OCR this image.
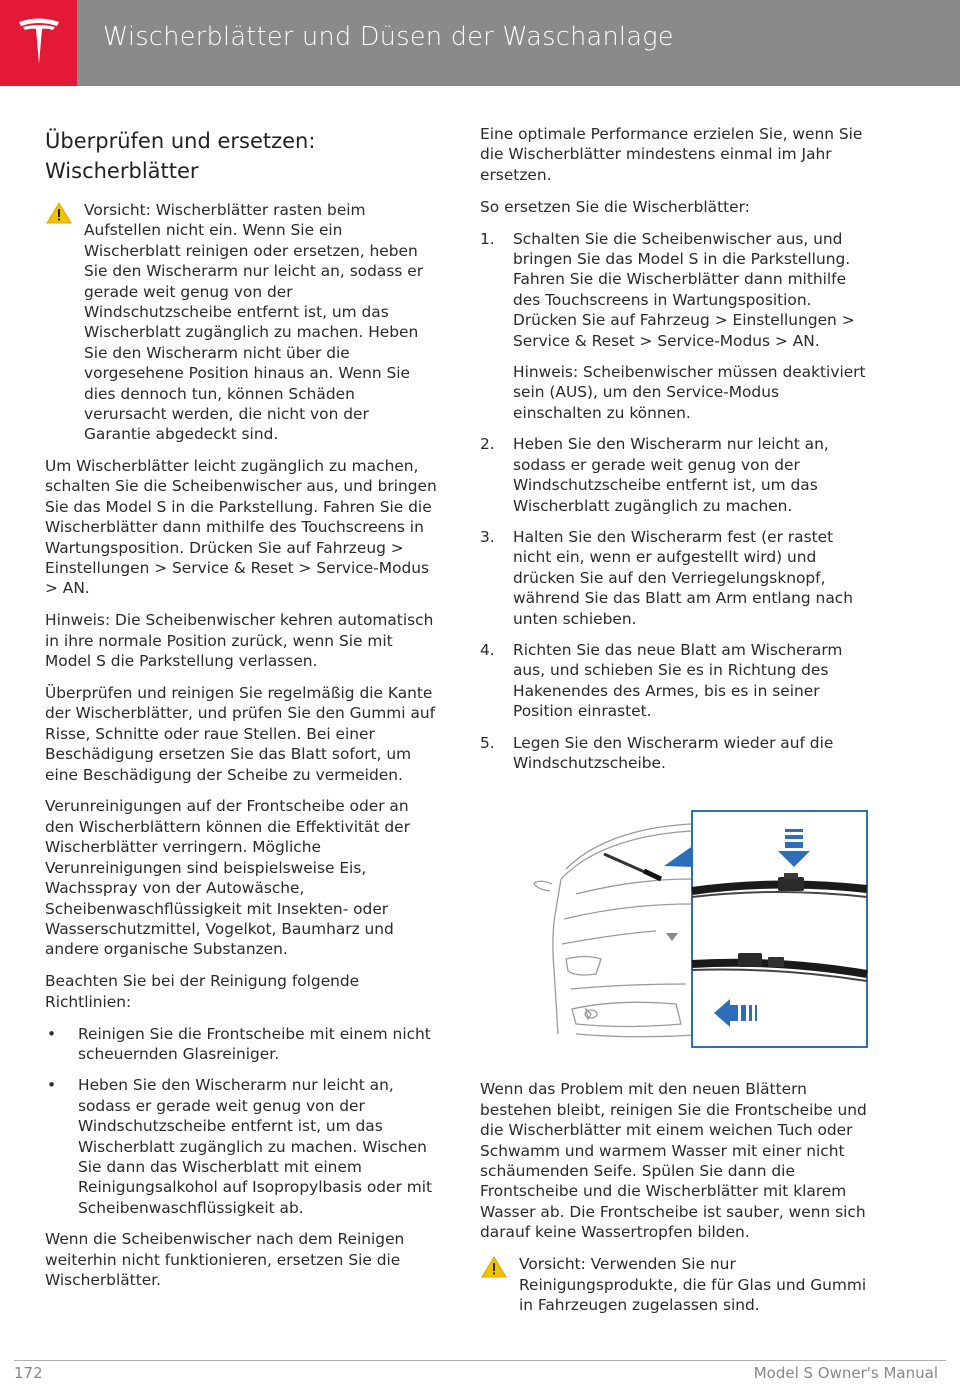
Wischerblätter und Düsen der Waschanlage
Überprüfen und ersetzen:
Wischerblätter
Vorsicht: Wischerblätter rasten beim Aufstellen nicht ein. Wenn Sie ein Wischerblatt reinigen oder ersetzen, heben Sie den Wischerarm nur leicht an, sodass er gerade weit genug von der Windschutzscheibe entfernt ist, um das Wischerblatt zugänglich zu machen. Heben Sie den Wischerarm nicht über die vorgesehene Position hinaus an. Wenn Sie dies dennoch tun, können Schäden verursacht werden, die nicht von der Garantie abgedeckt sind.

Um Wischerblätter leicht zugänglich zu machen, schalten Sie die Scheibenwischer aus, und bringen Sie das Model S in die Parkstellung. Fahren Sie die Wischerblätter dann mithilfe des Touchscreens in Wartungsposition. Drücken Sie auf Fahrzeug > Einstellungen > Service & Reset > Service-Modus > AN.

Hinweis: Die Scheibenwischer kehren automatisch in ihre normale Position zurück, wenn Sie mit Model S die Parkstellung verlassen.

Überprüfen und reinigen Sie regelmäßig die Kante der Wischerblätter, und prüfen Sie den Gummi auf Risse, Schnitte oder raue Stellen. Bei einer Beschädigung ersetzen Sie das Blatt sofort, um eine Beschädigung der Scheibe zu vermeiden.

Verunreinigungen auf der Frontscheibe oder an den Wischerblättern können die Effektivität der Wischerblätter verringern. Mögliche Verunreinigungen sind beispielsweise Eis, Wachsspray von der Autowäsche, Scheibenwaschflüssigkeit mit Insekten- oder Wasserschutzmittel, Vogelkot, Baumharz und andere organische Substanzen.

Beachten Sie bei der Reinigung folgende Richtlinien:

• Reinigen Sie die Frontscheibe mit einem nicht scheuernden Glasreiniger.
• Heben Sie den Wischerarm nur leicht an, sodass er gerade weit genug von der Windschutzscheibe entfernt ist, um das Wischerblatt zugänglich zu machen. Wischen Sie dann das Wischerblatt mit einem Reinigungsalkohol auf Isopropylbasis oder mit Scheibenwaschflüssigkeit ab.

Wenn die Scheibenwischer nach dem Reinigen weiterhin nicht funktionieren, ersetzen Sie die Wischerblätter.

Eine optimale Performance erzielen Sie, wenn Sie die Wischerblätter mindestens einmal im Jahr ersetzen.

So ersetzen Sie die Wischerblätter:

1. Schalten Sie die Scheibenwischer aus, und bringen Sie das Model S in die Parkstellung. Fahren Sie die Wischerblätter dann mithilfe des Touchscreens in Wartungsposition. Drücken Sie auf Fahrzeug > Einstellungen > Service & Reset > Service-Modus > AN.
Hinweis: Scheibenwischer müssen deaktiviert sein (AUS), um den Service-Modus einschalten zu können.
2. Heben Sie den Wischerarm nur leicht an, sodass er gerade weit genug von der Windschutzscheibe entfernt ist, um das Wischerblatt zugänglich zu machen.
3. Halten Sie den Wischerarm fest (er rastet nicht ein, wenn er aufgestellt wird) und drücken Sie auf den Verriegelungsknopf, während Sie das Blatt am Arm entlang nach unten schieben.
4. Richten Sie das neue Blatt am Wischerarm aus, und schieben Sie es in Richtung des Hakenendes des Armes, bis es in seiner Position einrastet.
5. Legen Sie den Wischerarm wieder auf die Windschutzscheibe.

Wenn das Problem mit den neuen Blättern bestehen bleibt, reinigen Sie die Frontscheibe und die Wischerblätter mit einem weichen Tuch oder Schwamm und warmem Wasser mit einer nicht schäumenden Seife. Spülen Sie dann die Frontscheibe und die Wischerblätter mit klarem Wasser ab. Die Frontscheibe ist sauber, wenn sich darauf keine Wassertropfen bilden.

Vorsicht: Verwenden Sie nur Reinigungsprodukte, die für Glas und Gummi in Fahrzeugen zugelassen sind.
172	Model S Owner's Manual
